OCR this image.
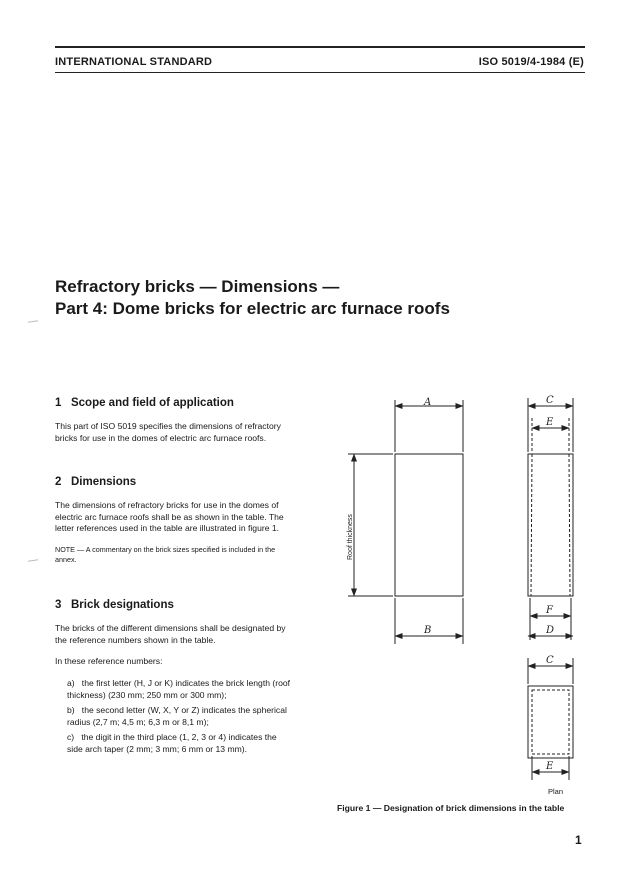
INTERNATIONAL STANDARD	ISO 5019/4-1984 (E)
Refractory bricks — Dimensions —
Part 4: Dome bricks for electric arc furnace roofs
1   Scope and field of application
This part of ISO 5019 specifies the dimensions of refractory
bricks for use in the domes of electric arc furnace roofs.
2   Dimensions
The dimensions of refractory bricks for use in the domes of
electric arc furnace roofs shall be as shown in the table. The
letter references used in the table are illustrated in figure 1.
NOTE — A commentary on the brick sizes specified is included in the
annex.
3   Brick designations
The bricks of the different dimensions shall be designated by
the reference numbers shown in the table.
In these reference numbers:
a)   the first letter (H, J or K) indicates the brick length (roof
thickness) (230 mm; 250 mm or 300 mm);
b)   the second letter (W, X, Y or Z) indicates the spherical
radius (2,7 m; 4,5 m; 6,3 m or 8,1 m);
c)   the digit in the third place (1, 2, 3 or 4) indicates the
side arch taper (2 mm; 3 mm; 6 mm or 13 mm).
A
B
C
E
F
D
C
E
Roof thickness
Plan
Figure 1 — Designation of brick dimensions in the table
1
